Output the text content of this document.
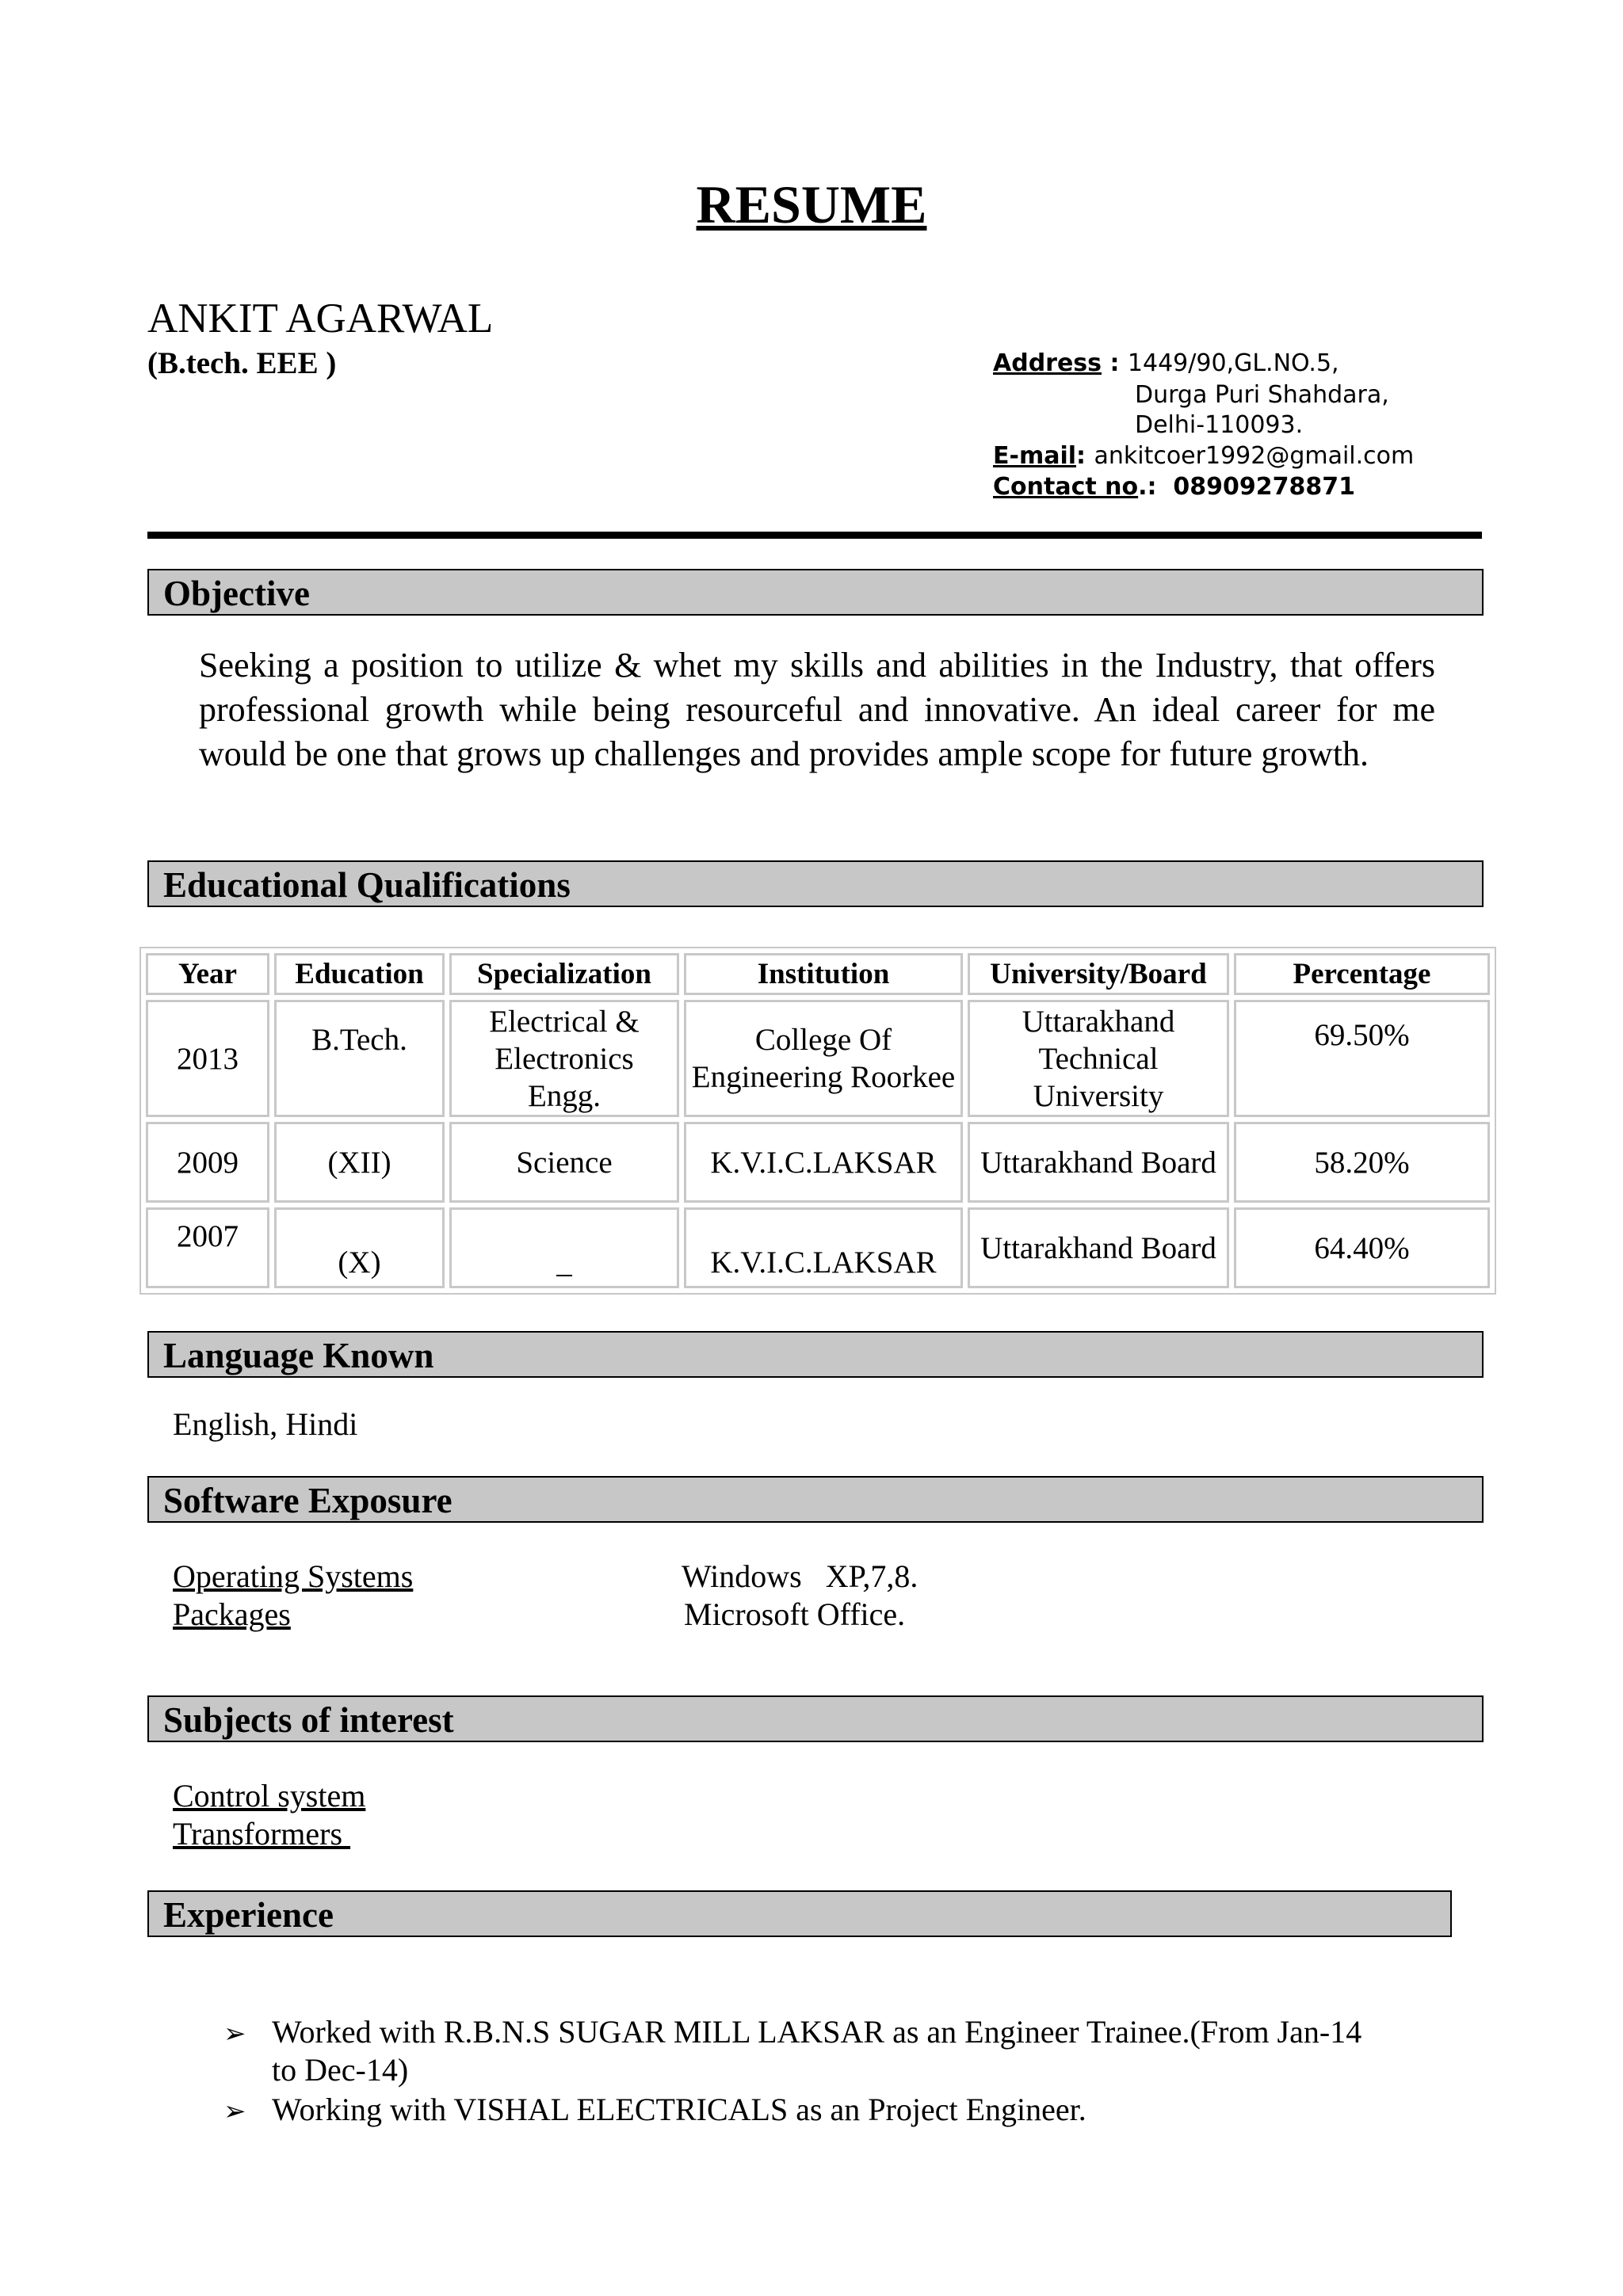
RESUME
ANKIT AGARWAL
(B.tech. EEE )	Address : 1449/90,GL.NO.5,
Durga Puri Shahdara,
Delhi-110093.
E-mail: ankitcoer1992@gmail.com
Contact no.:  08909278871
Objective
Seeking a position to utilize & whet my skills and abilities in the Industry, that offers professional growth while being resourceful and innovative. An ideal career for me would be one that grows up challenges and provides ample scope for future growth.
Educational Qualifications
Year	Education	Specialization	Institution	University/Board	Percentage
2013	B.Tech.	Electrical & Electronics Engg.	College Of Engineering Roorkee	Uttarakhand Technical University	69.50%
2009	(XII)	Science	K.V.I.C.LAKSAR	Uttarakhand Board	58.20%
2007	(X)	_	K.V.I.C.LAKSAR	Uttarakhand Board	64.40%
Language Known
English, Hindi
Software Exposure
Operating Systems	Windows   XP,7,8.
Packages	Microsoft Office.
Subjects of interest
Control system
Transformers
Experience
➢ Worked with R.B.N.S SUGAR MILL LAKSAR as an Engineer Trainee.(From Jan-14
to Dec-14)
➢ Working with VISHAL ELECTRICALS as an Project Engineer.
